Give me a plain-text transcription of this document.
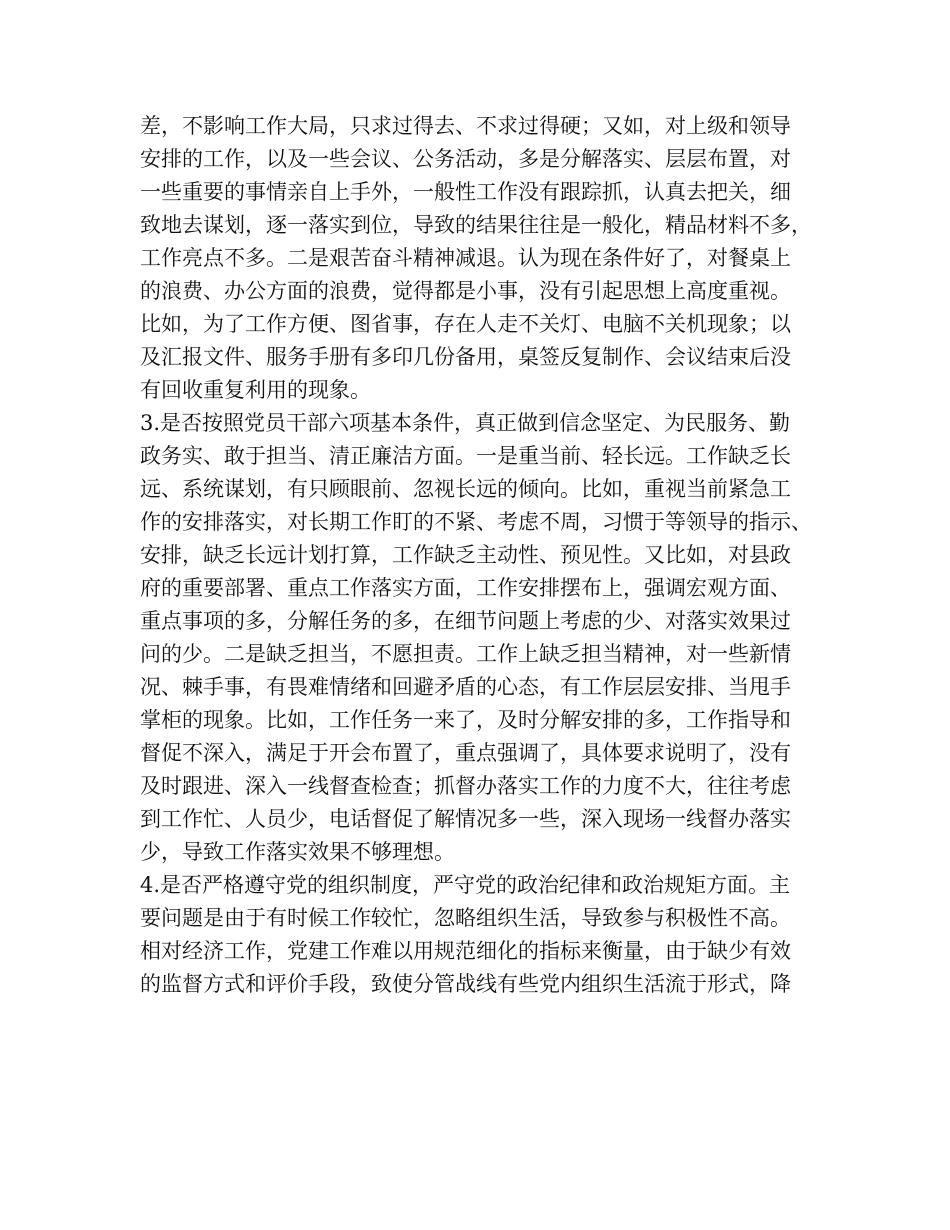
差，不影响工作大局，只求过得去、不求过得硬；又如，对上级和领导
安排的工作，以及一些会议、公务活动，多是分解落实、层层布置，对
一些重要的事情亲自上手外，一般性工作没有跟踪抓，认真去把关，细
致地去谋划，逐一落实到位，导致的结果往往是一般化，精品材料不多，
工作亮点不多。二是艰苦奋斗精神减退。认为现在条件好了，对餐桌上
的浪费、办公方面的浪费，觉得都是小事，没有引起思想上高度重视。
比如，为了工作方便、图省事，存在人走不关灯、电脑不关机现象；以
及汇报文件、服务手册有多印几份备用，桌签反复制作、会议结束后没
有回收重复利用的现象。
3.是否按照党员干部六项基本条件，真正做到信念坚定、为民服务、勤
政务实、敢于担当、清正廉洁方面。一是重当前、轻长远。工作缺乏长
远、系统谋划，有只顾眼前、忽视长远的倾向。比如，重视当前紧急工
作的安排落实，对长期工作盯的不紧、考虑不周，习惯于等领导的指示、
安排，缺乏长远计划打算，工作缺乏主动性、预见性。又比如，对县政
府的重要部署、重点工作落实方面，工作安排摆布上，强调宏观方面、
重点事项的多，分解任务的多，在细节问题上考虑的少、对落实效果过
问的少。二是缺乏担当，不愿担责。工作上缺乏担当精神，对一些新情
况、棘手事，有畏难情绪和回避矛盾的心态，有工作层层安排、当甩手
掌柜的现象。比如，工作任务一来了，及时分解安排的多，工作指导和
督促不深入，满足于开会布置了，重点强调了，具体要求说明了，没有
及时跟进、深入一线督查检查；抓督办落实工作的力度不大，往往考虑
到工作忙、人员少，电话督促了解情况多一些，深入现场一线督办落实
少，导致工作落实效果不够理想。
4.是否严格遵守党的组织制度，严守党的政治纪律和政治规矩方面。主
要问题是由于有时候工作较忙，忽略组织生活，导致参与积极性不高。
相对经济工作，党建工作难以用规范细化的指标来衡量，由于缺少有效
的监督方式和评价手段，致使分管战线有些党内组织生活流于形式，降
